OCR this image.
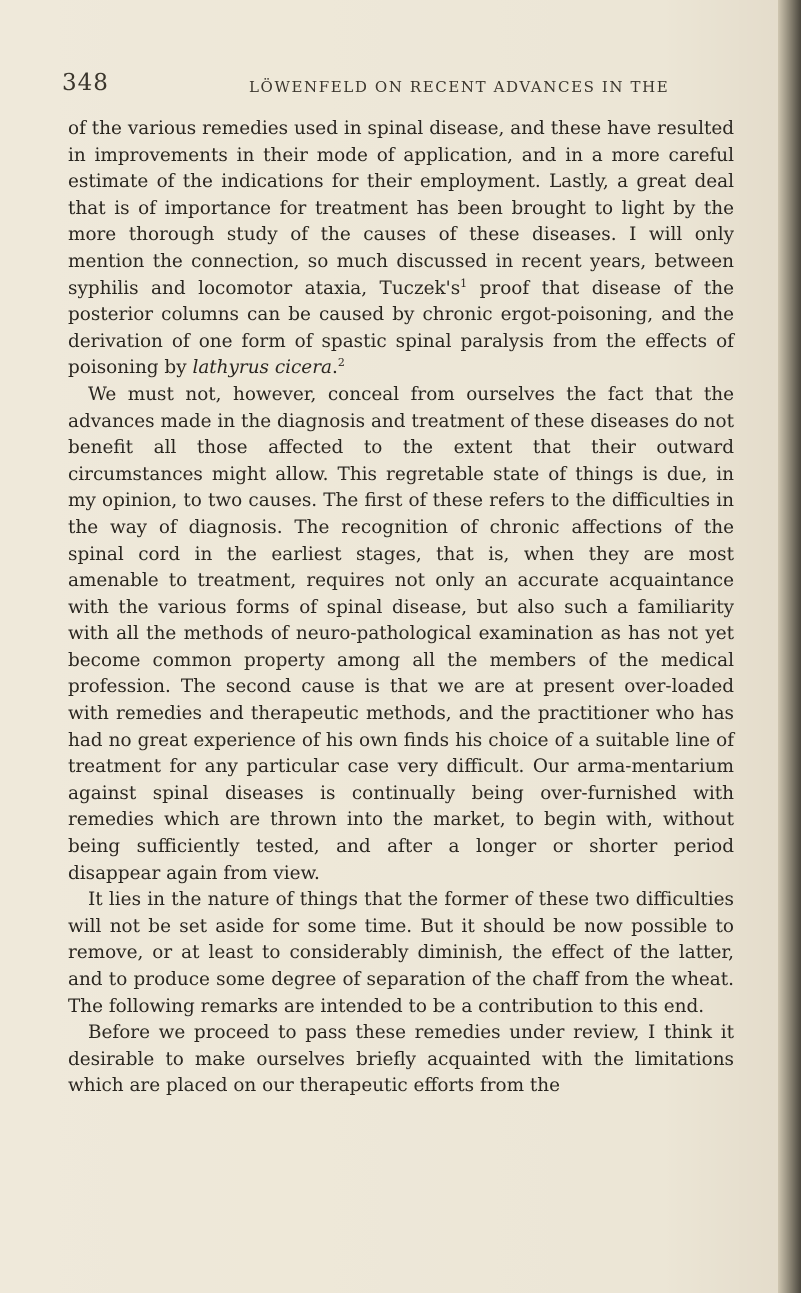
348	LÖWENFELD ON RECENT ADVANCES IN THE

of the various remedies used in spinal disease, and these have resulted in improvements in their mode of application, and in a more careful estimate of the indications for their employment. Lastly, a great deal that is of importance for treatment has been brought to light by the more thorough study of the causes of these diseases. I will only mention the connection, so much discussed in recent years, between syphilis and locomotor ataxia, $Tuczek's^1$ proof that disease of the posterior columns can be caused by chronic ergot-poisoning, and the derivation of one form of spastic spinal paralysis from the effects of poisoning by lathyrus cicera.$^2$

We must not, however, conceal from ourselves the fact that the advances made in the diagnosis and treatment of these diseases do not benefit all those affected to the extent that their outward circumstances might allow. This regretable state of things is due, in my opinion, to two causes. The first of these refers to the difficulties in the way of diagnosis. The recognition of chronic affections of the spinal cord in the earliest stages, that is, when they are most amenable to treatment, requires not only an accurate acquaintance with the various forms of spinal disease, but also such a familiarity with all the methods of neuro-pathological examination as has not yet become common property among all the members of the medical profession. The second cause is that we are at present over-loaded with remedies and therapeutic methods, and the practitioner who has had no great experience of his own finds his choice of a suitable line of treatment for any particular case very difficult. Our arma-mentarium against spinal diseases is continually being over-furnished with remedies which are thrown into the market, to begin with, without being sufficiently tested, and after a longer or shorter period disappear again from view.

It lies in the nature of things that the former of these two difficulties will not be set aside for some time. But it should be now possible to remove, or at least to considerably diminish, the effect of the latter, and to produce some degree of separation of the chaff from the wheat. The following remarks are intended to be a contribution to this end.

Before we proceed to pass these remedies under review, I think it desirable to make ourselves briefly acquainted with the limitations which are placed on our therapeutic efforts from the
